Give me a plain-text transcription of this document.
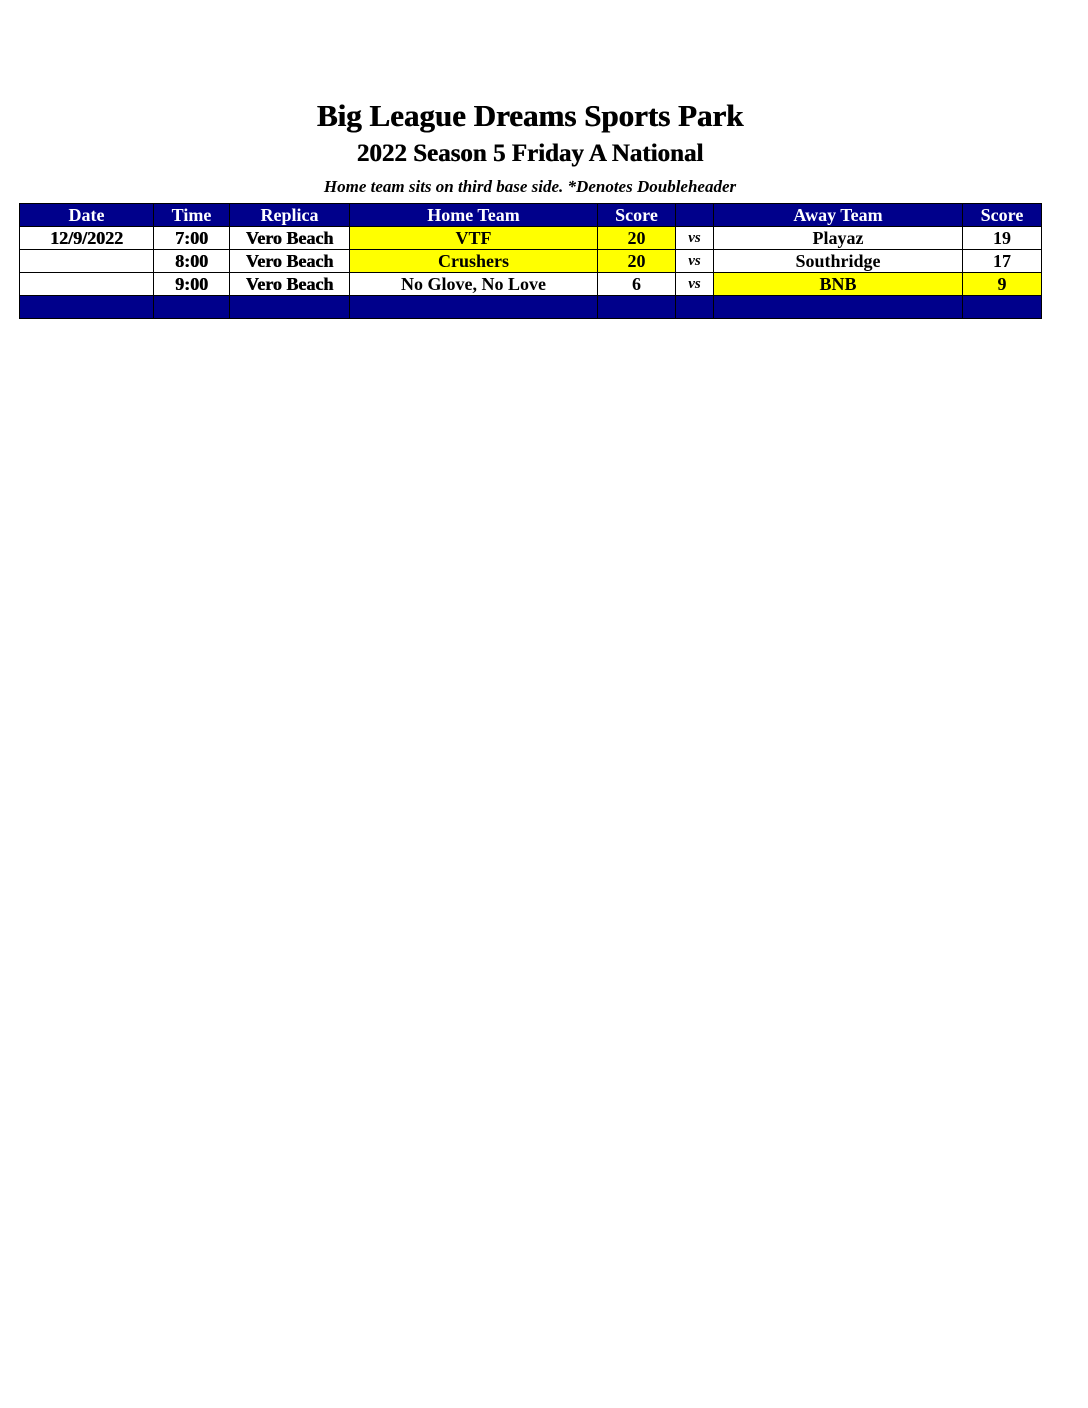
Big League Dreams Sports Park
2022 Season 5 Friday A National
Home team sits on third base side. *Denotes Doubleheader
Date	Time	Replica	Home Team	Score		Away Team	Score
12/9/2022	7:00	Vero Beach	VTF	20	vs	Playaz	19
	8:00	Vero Beach	Crushers	20	vs	Southridge	17
	9:00	Vero Beach	No Glove, No Love	6	vs	BNB	9
